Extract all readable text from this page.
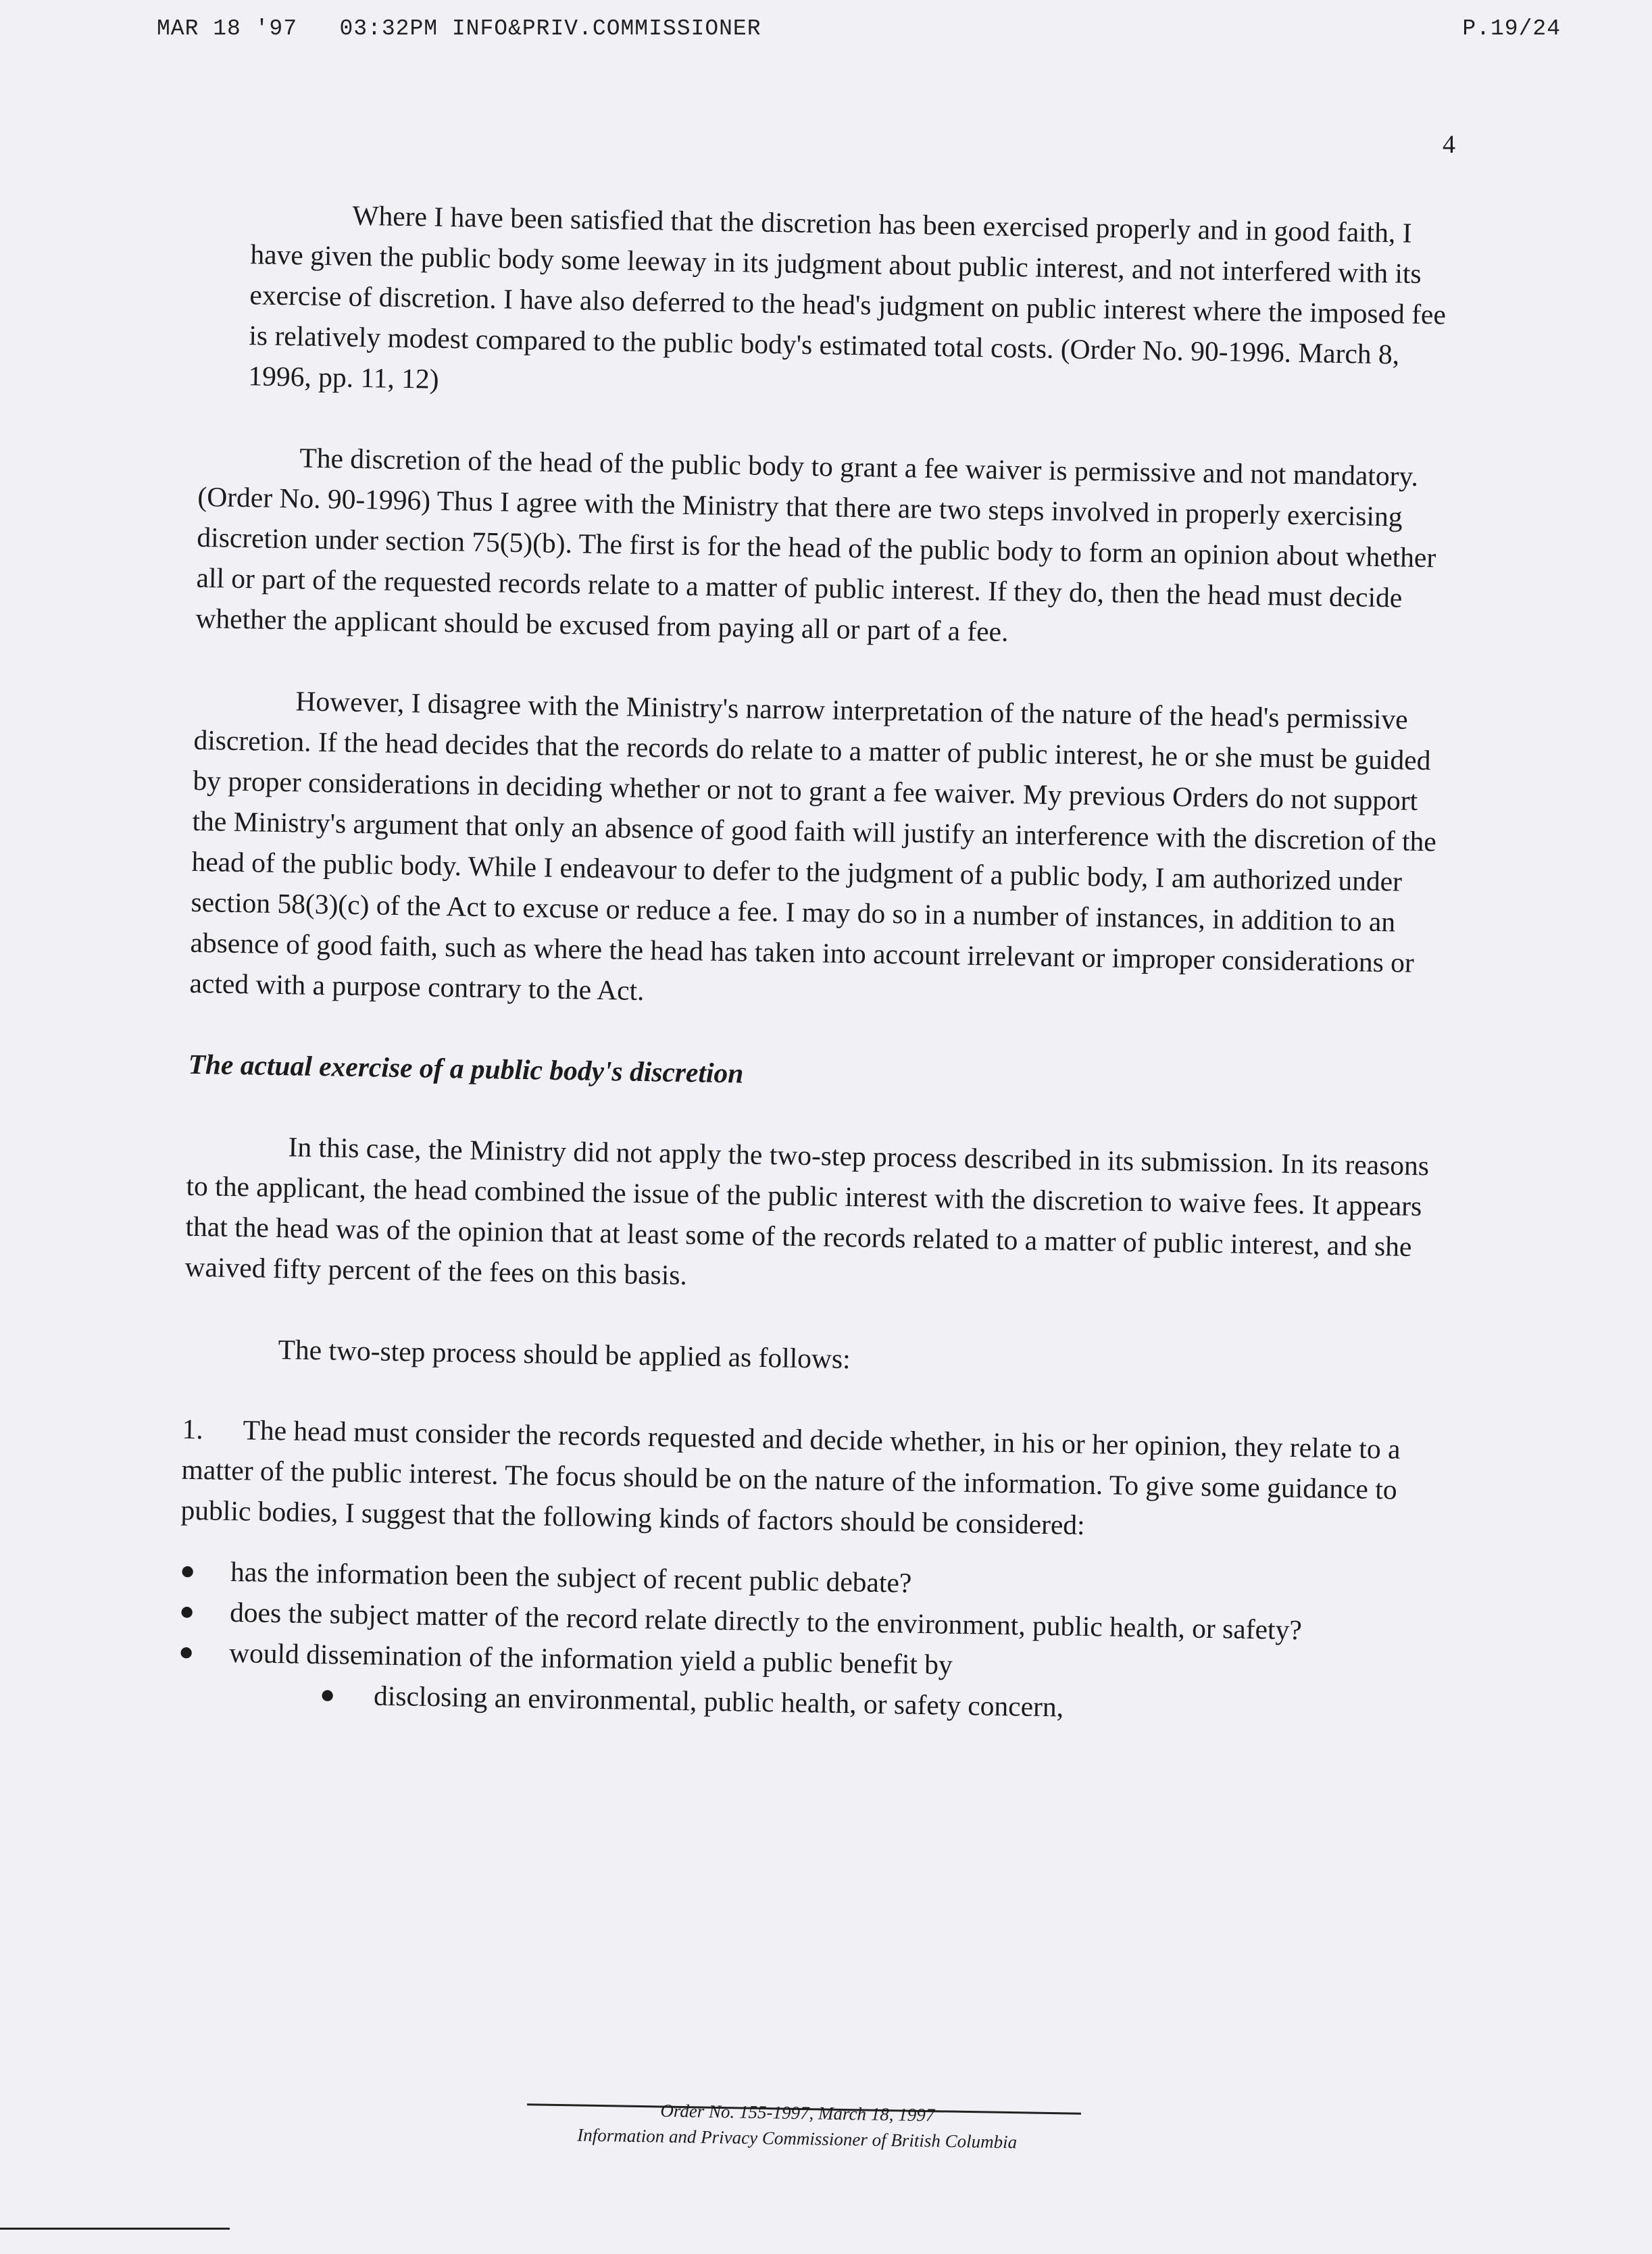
MAR 18 '97   03:32PM INFO&PRIV.COMMISSIONER	P.19/24
4

Where I have been satisfied that the discretion has been exercised properly and in good faith, I have given the public body some leeway in its judgment about public interest, and not interfered with its exercise of discretion. I have also deferred to the head's judgment on public interest where the imposed fee is relatively modest compared to the public body's estimated total costs. (Order No. 90-1996. March 8, 1996, pp. 11, 12)

The discretion of the head of the public body to grant a fee waiver is permissive and not mandatory. (Order No. 90-1996) Thus I agree with the Ministry that there are two steps involved in properly exercising discretion under section 75(5)(b). The first is for the head of the public body to form an opinion about whether all or part of the requested records relate to a matter of public interest. If they do, then the head must decide whether the applicant should be excused from paying all or part of a fee.

However, I disagree with the Ministry's narrow interpretation of the nature of the head's permissive discretion. If the head decides that the records do relate to a matter of public interest, he or she must be guided by proper considerations in deciding whether or not to grant a fee waiver. My previous Orders do not support the Ministry's argument that only an absence of good faith will justify an interference with the discretion of the head of the public body. While I endeavour to defer to the judgment of a public body, I am authorized under section 58(3)(c) of the Act to excuse or reduce a fee. I may do so in a number of instances, in addition to an absence of good faith, such as where the head has taken into account irrelevant or improper considerations or acted with a purpose contrary to the Act.

The actual exercise of a public body's discretion

In this case, the Ministry did not apply the two-step process described in its submission. In its reasons to the applicant, the head combined the issue of the public interest with the discretion to waive fees. It appears that the head was of the opinion that at least some of the records related to a matter of public interest, and she waived fifty percent of the fees on this basis.

The two-step process should be applied as follows:

1. The head must consider the records requested and decide whether, in his or her opinion, they relate to a matter of the public interest. The focus should be on the nature of the information. To give some guidance to public bodies, I suggest that the following kinds of factors should be considered:

● has the information been the subject of recent public debate?
● does the subject matter of the record relate directly to the environment, public health, or safety?
● would dissemination of the information yield a public benefit by
● disclosing an environmental, public health, or safety concern,
Order No. 155-1997, March 18, 1997
Information and Privacy Commissioner of British Columbia
